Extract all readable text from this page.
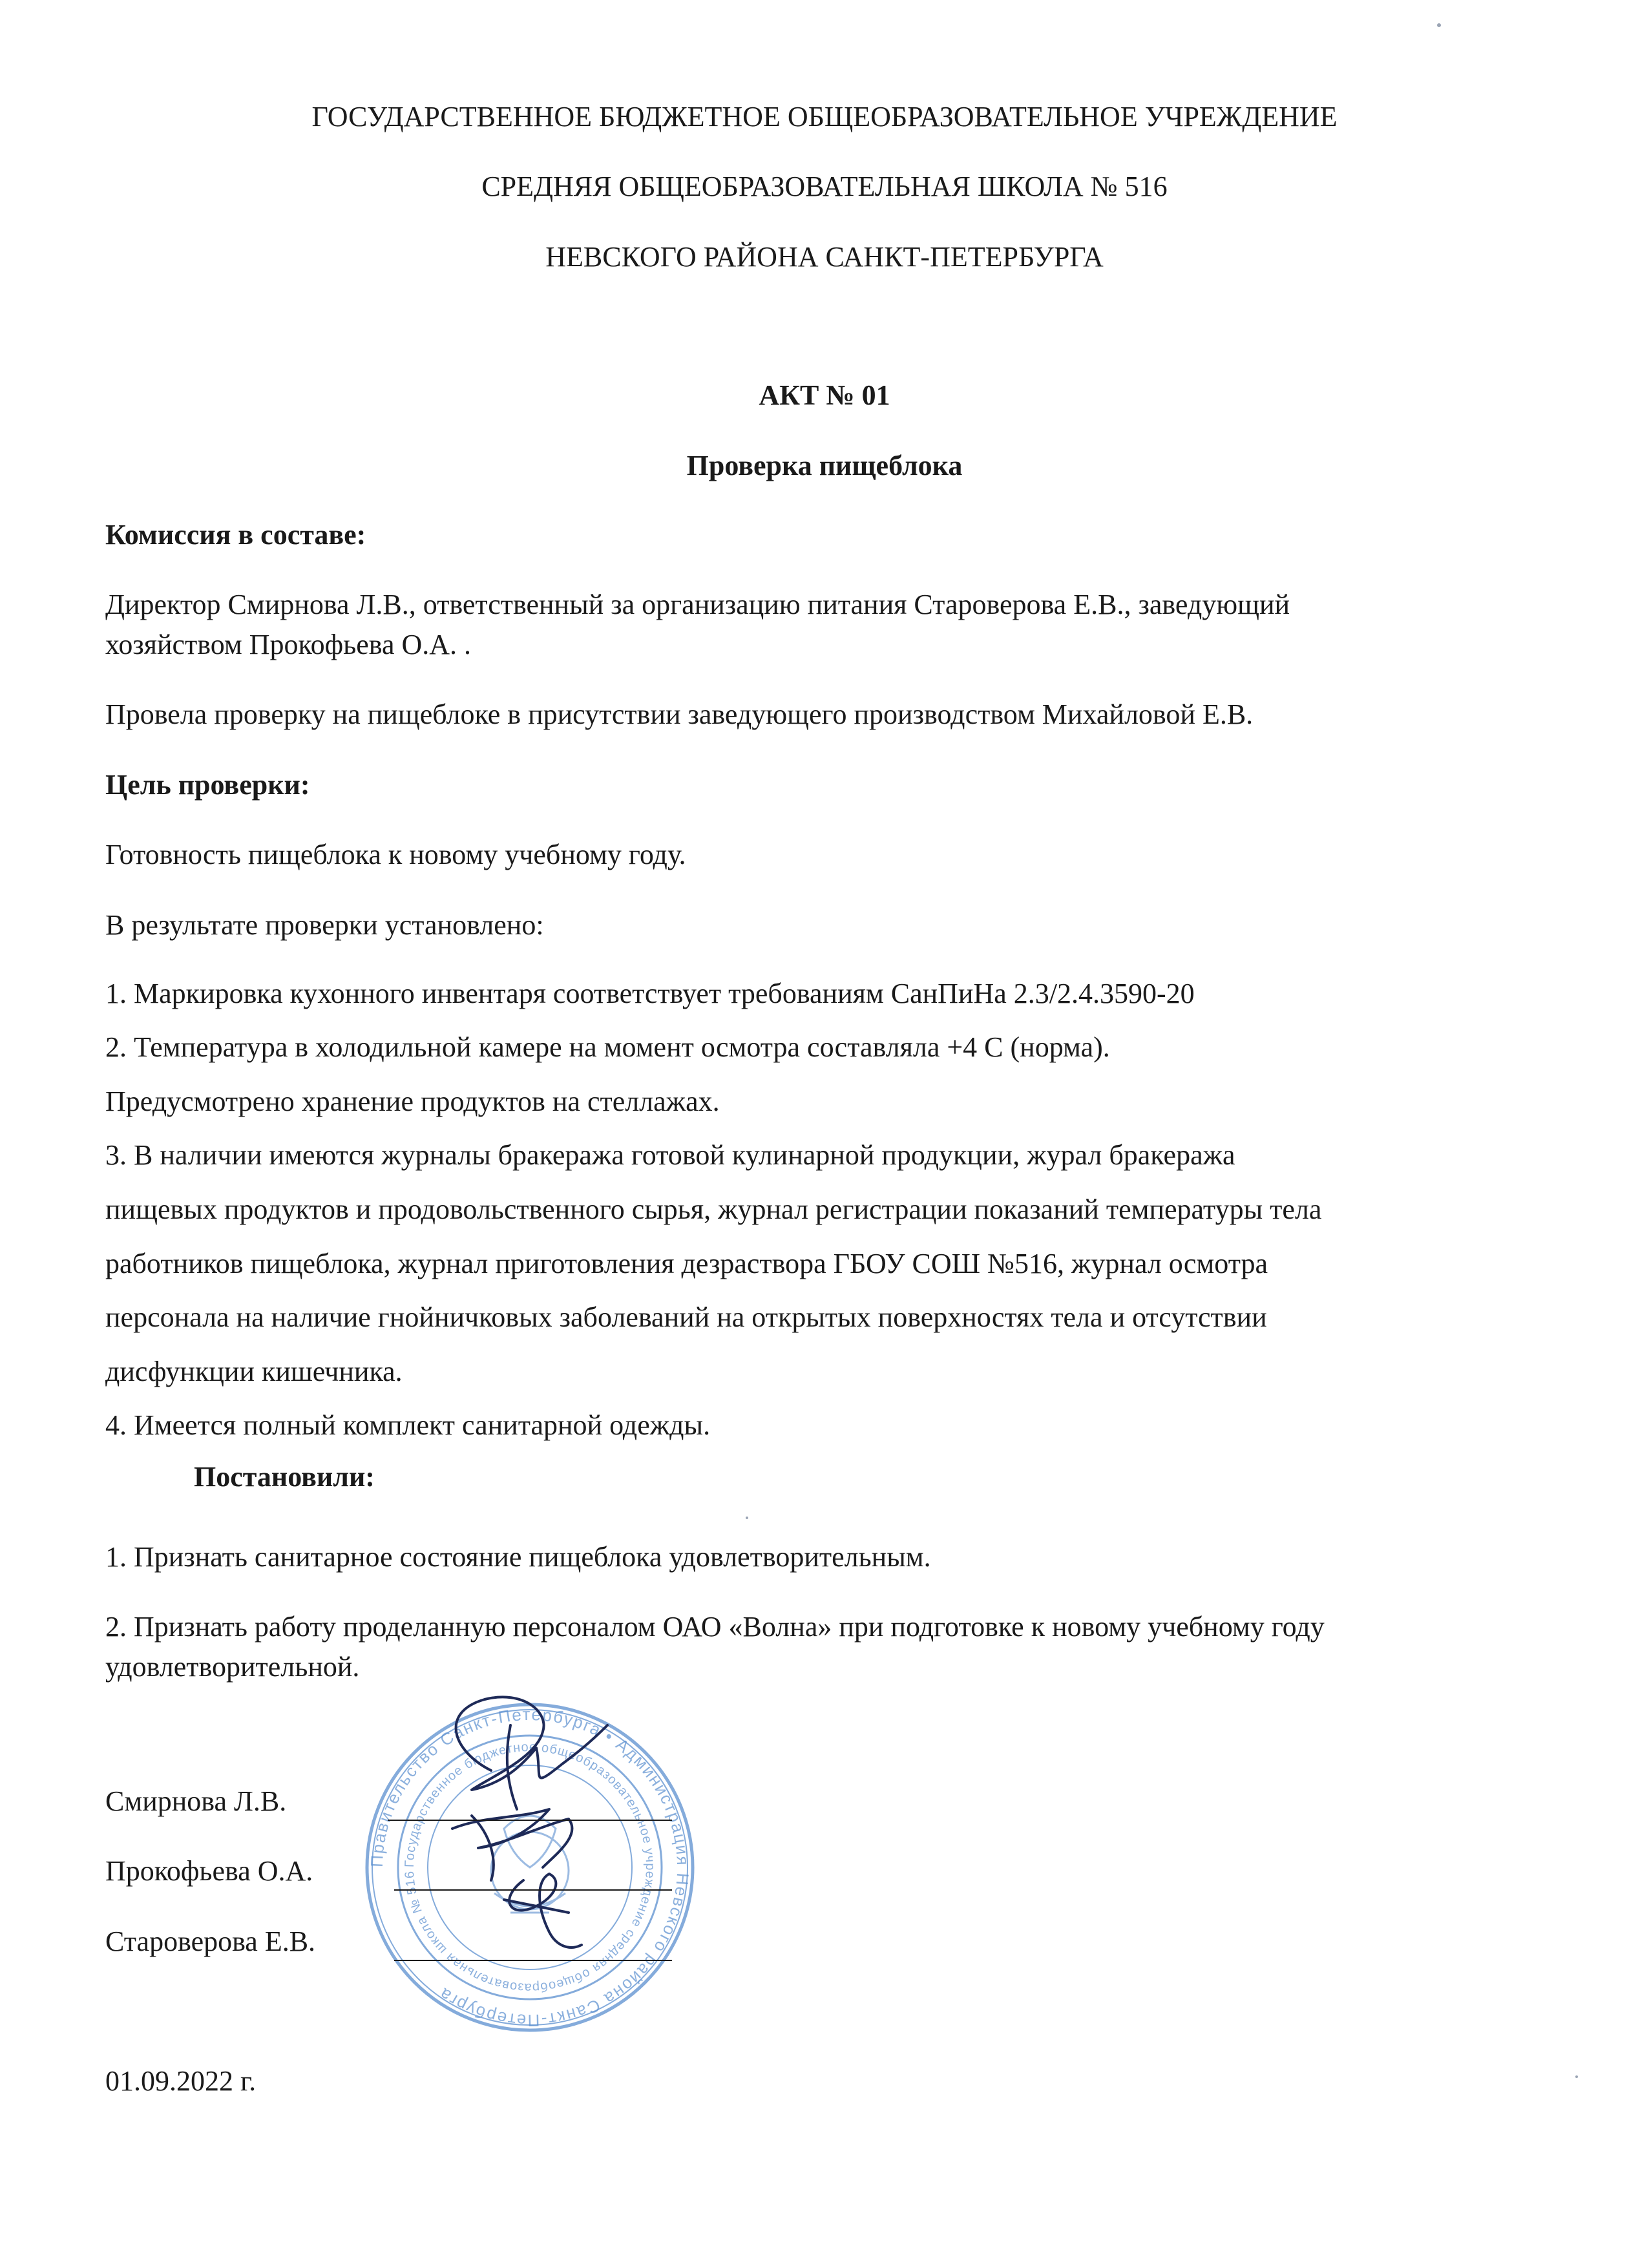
ГОСУДАРСТВЕННОЕ БЮДЖЕТНОЕ ОБЩЕОБРАЗОВАТЕЛЬНОЕ УЧРЕЖДЕНИЕ
СРЕДНЯЯ ОБЩЕОБРАЗОВАТЕЛЬНАЯ ШКОЛА № 516
НЕВСКОГО РАЙОНА САНКТ-ПЕТЕРБУРГА
АКТ № 01
Проверка пищеблока
Комиссия в составе:
Директор Смирнова Л.В., ответственный за организацию питания Староверова Е.В., заведующий
хозяйством Прокофьева О.А. .
Провела проверку на пищеблоке в присутствии заведующего производством Михайловой Е.В.
Цель проверки:
Готовность пищеблока к новому учебному году.
В результате проверки установлено:
1. Маркировка кухонного инвентаря соответствует требованиям СанПиНа 2.3/2.4.3590-20
2. Температура в холодильной камере на момент осмотра составляла +4 С (норма).
Предусмотрено хранение продуктов на стеллажах.
3. В наличии имеются журналы бракеража готовой кулинарной продукции, журал бракеража
пищевых продуктов и продовольственного сырья, журнал регистрации показаний температуры тела
работников пищеблока, журнал приготовления дезраствора ГБОУ СОШ №516, журнал осмотра
персонала на наличие гнойничковых заболеваний на открытых поверхностях тела и отсутствии
дисфункции кишечника.
4. Имеется полный комплект санитарной одежды.
Постановили:
1. Признать санитарное состояние пищеблока удовлетворительным.
2. Признать работу проделанную персоналом ОАО «Волна» при подготовке к новому учебному году
удовлетворительной.
Правительство Санкт-Петербурга • Администрация Невского района Санкт-Петербурга
Государственное бюджетное общеобразовательное учреждение средняя общеобразовательная школа № 516
Смирнова Л.В.
Прокофьева О.А.
Староверова Е.В.
01.09.2022 г.
